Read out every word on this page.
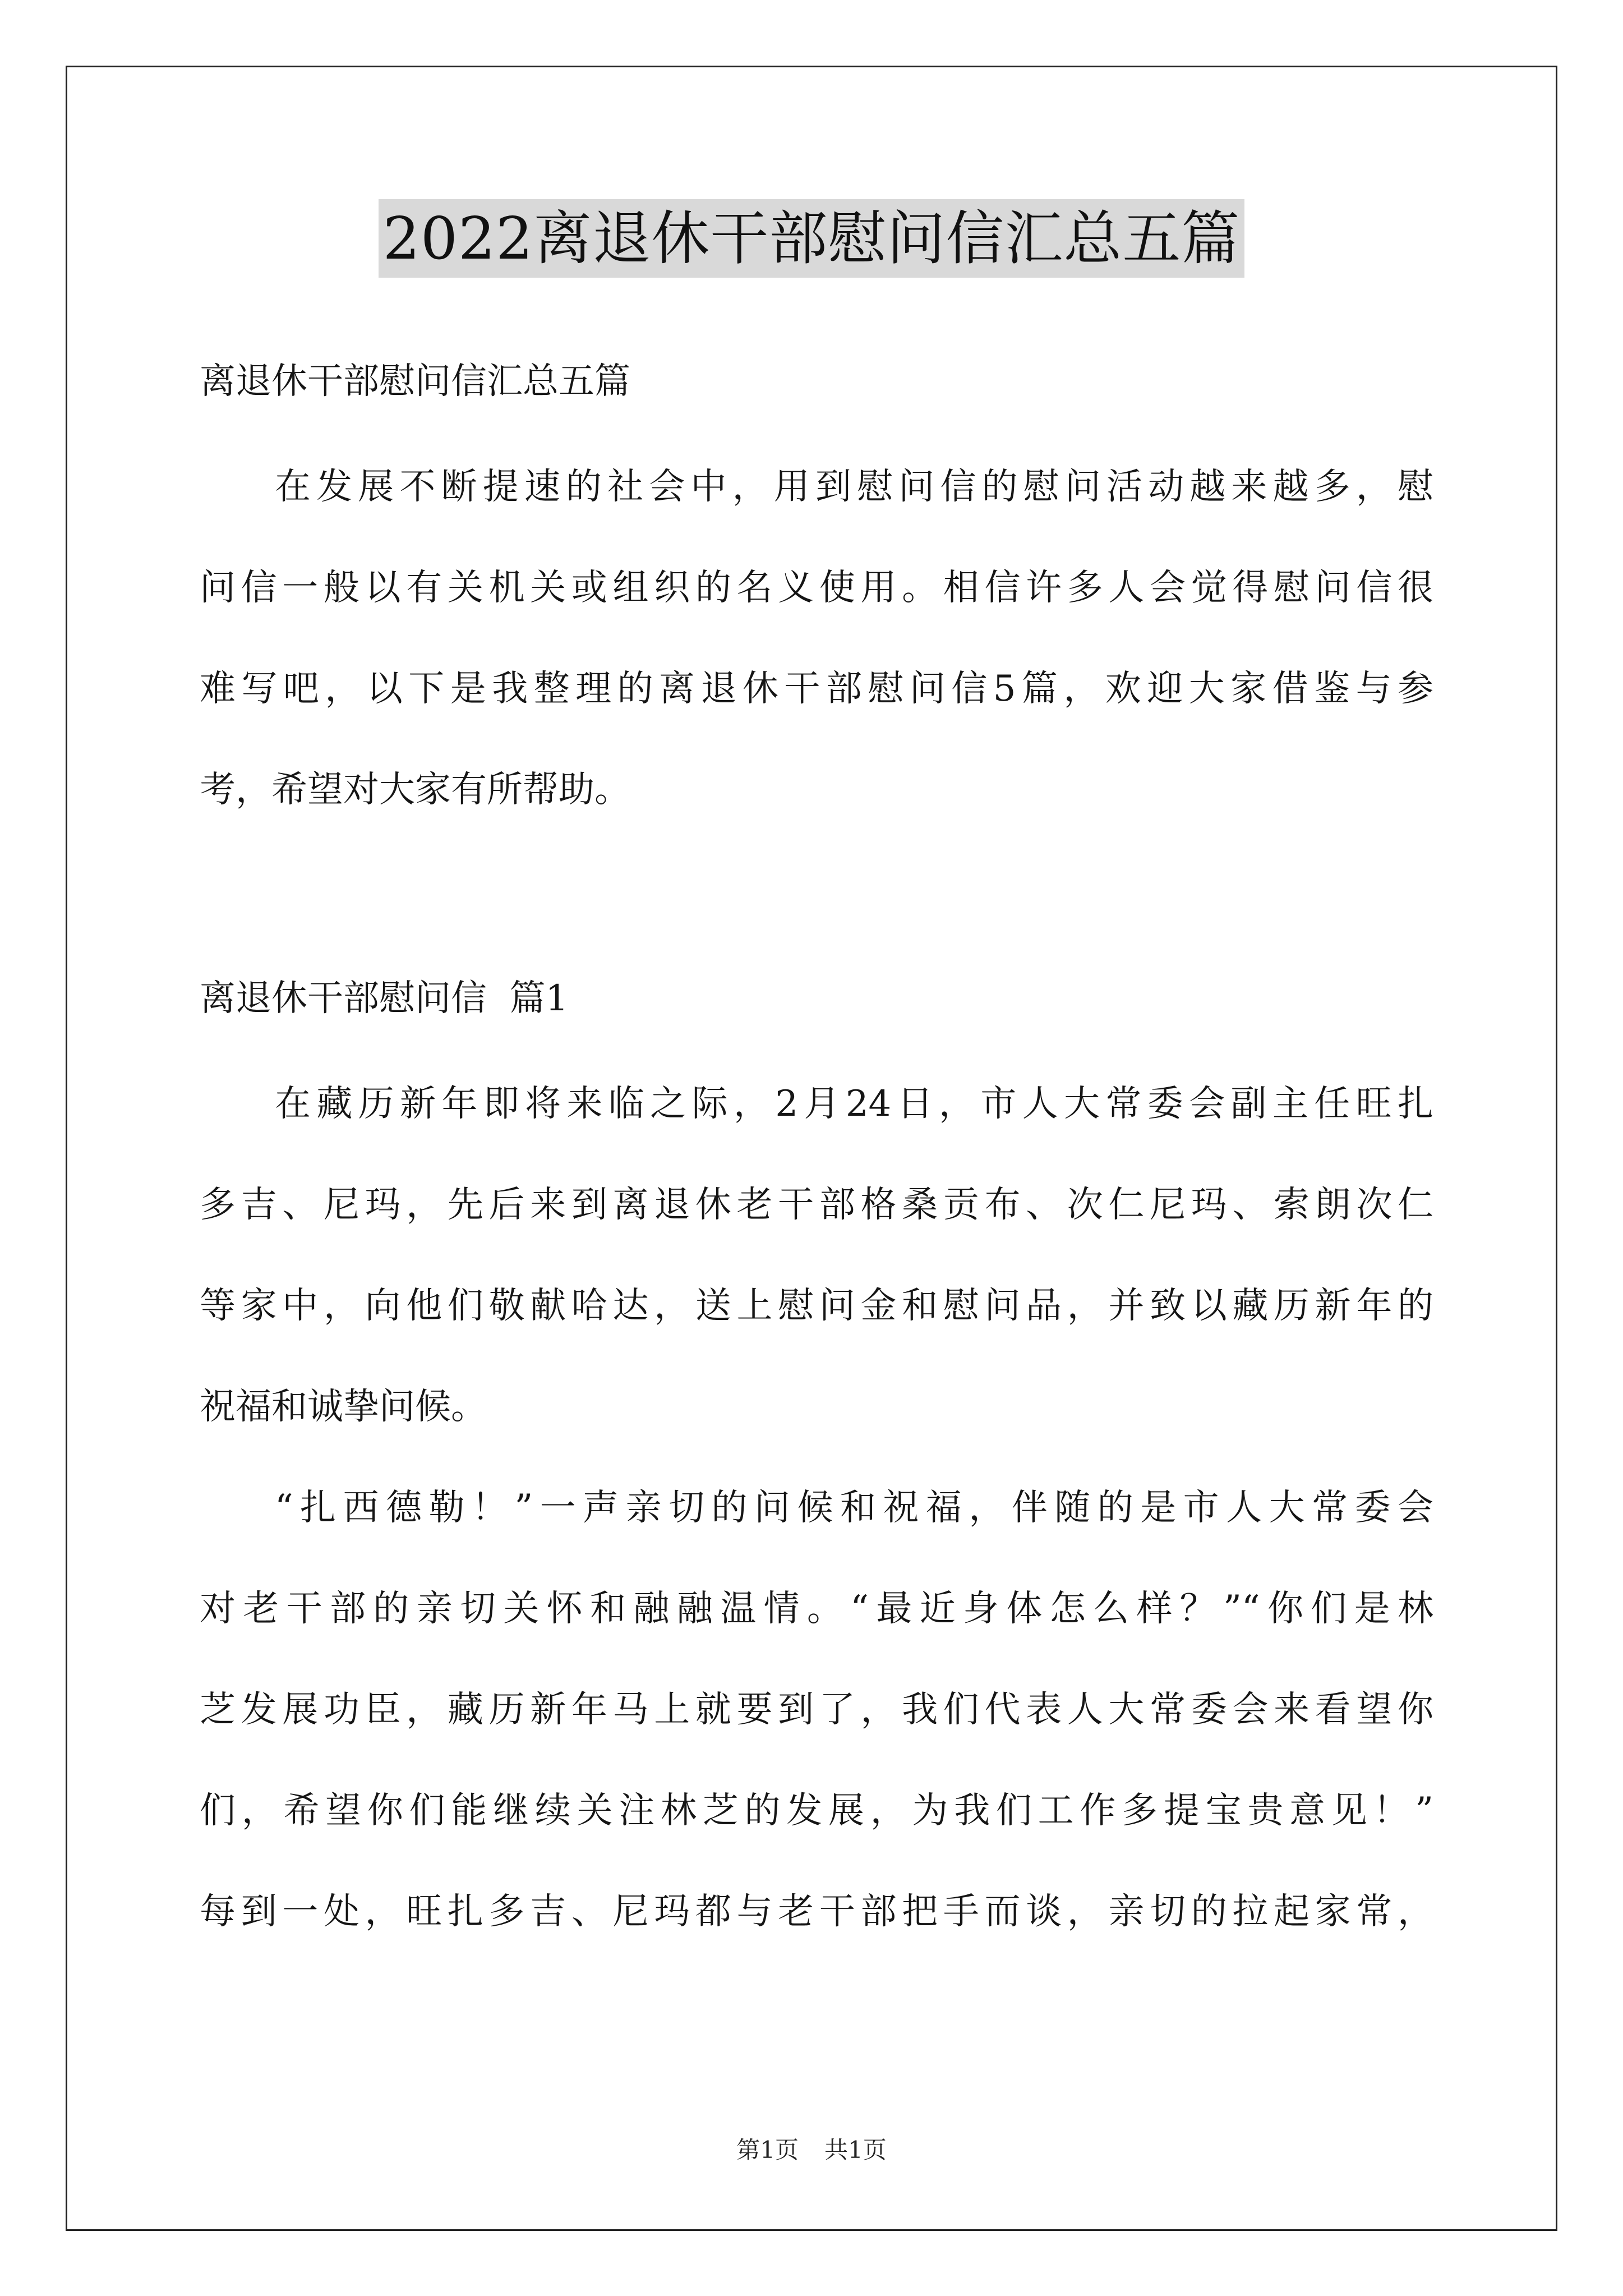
2022离退休干部慰问信汇总五篇
离退休干部慰问信汇总五篇
在发展不断提速的社会中，用到慰问信的慰问活动越来越多，慰
问信一般以有关机关或组织的名义使用。相信许多人会觉得慰问信很
难写吧，以下是我整理的离退休干部慰问信5篇，欢迎大家借鉴与参
考，希望对大家有所帮助。
离退休干部慰问信  篇1
在藏历新年即将来临之际，2月24日，市人大常委会副主任旺扎
多吉、尼玛，先后来到离退休老干部格桑贡布、次仁尼玛、索朗次仁
等家中，向他们敬献哈达，送上慰问金和慰问品，并致以藏历新年的
祝福和诚挚问候。
“扎西德勒！”一声亲切的问候和祝福，伴随的是市人大常委会
对老干部的亲切关怀和融融温情。“最近身体怎么样？”“你们是林
芝发展功臣，藏历新年马上就要到了，我们代表人大常委会来看望你
们，希望你们能继续关注林芝的发展，为我们工作多提宝贵意见！”
每到一处，旺扎多吉、尼玛都与老干部把手而谈，亲切的拉起家常，
第1页 共1页
